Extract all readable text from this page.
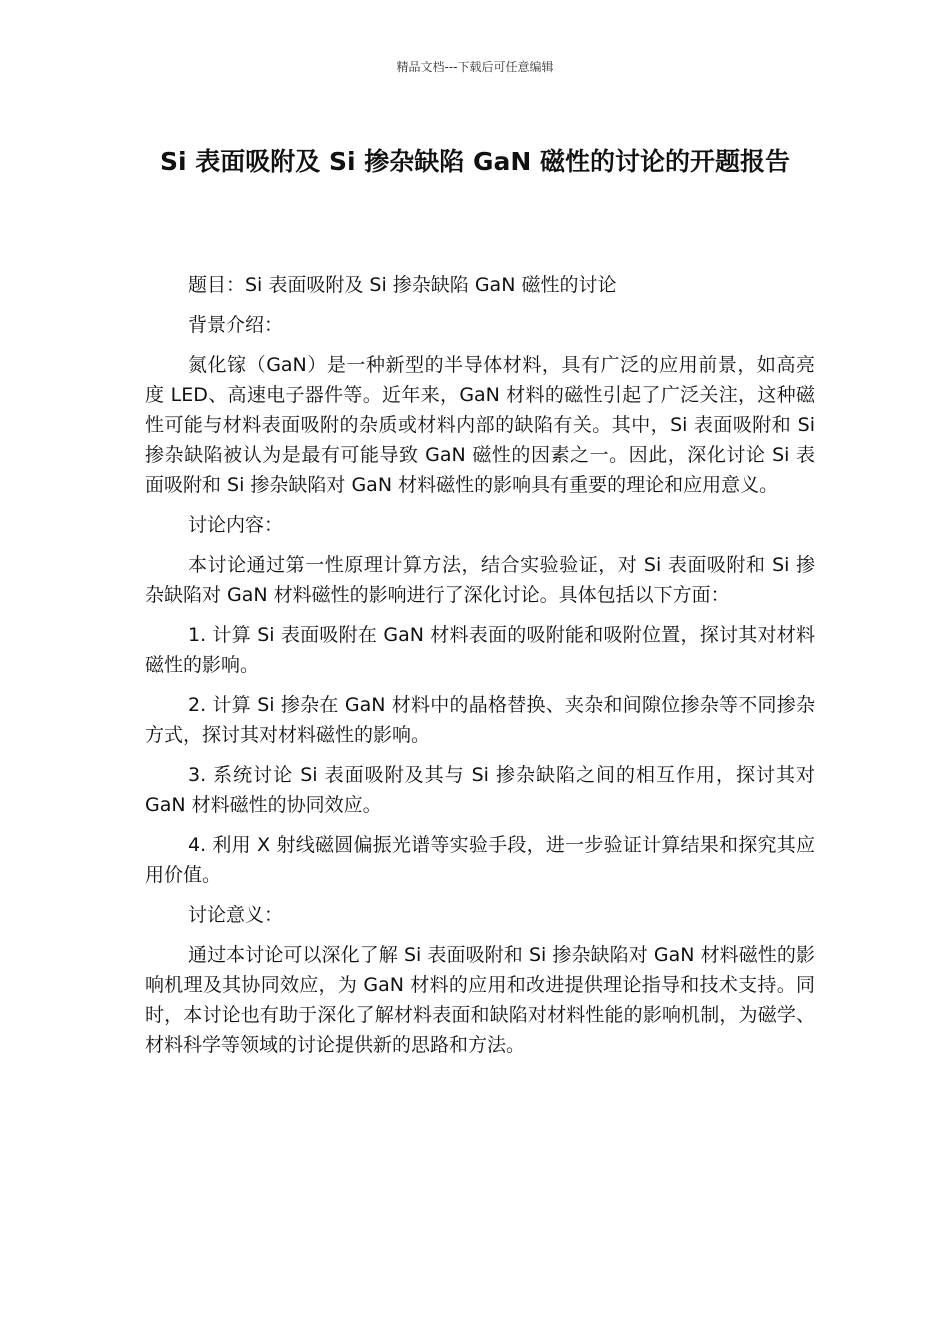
精品文档---下载后可任意编辑
Si 表面吸附及 Si 掺杂缺陷 GaN 磁性的讨论的开题报告

题目：Si 表面吸附及 Si 掺杂缺陷 GaN 磁性的讨论

背景介绍：

氮化镓（GaN）是一种新型的半导体材料，具有广泛的应用前景，如高亮度 LED、高速电子器件等。近年来，GaN 材料的磁性引起了广泛关注，这种磁性可能与材料表面吸附的杂质或材料内部的缺陷有关。其中，Si 表面吸附和 Si 掺杂缺陷被认为是最有可能导致 GaN 磁性的因素之一。因此，深化讨论 Si 表面吸附和 Si 掺杂缺陷对 GaN 材料磁性的影响具有重要的理论和应用意义。

讨论内容：

本讨论通过第一性原理计算方法，结合实验验证，对 Si 表面吸附和 Si 掺杂缺陷对 GaN 材料磁性的影响进行了深化讨论。具体包括以下方面：

1. 计算 Si 表面吸附在 GaN 材料表面的吸附能和吸附位置，探讨其对材料磁性的影响。

2. 计算 Si 掺杂在 GaN 材料中的晶格替换、夹杂和间隙位掺杂等不同掺杂方式，探讨其对材料磁性的影响。

3. 系统讨论 Si 表面吸附及其与 Si 掺杂缺陷之间的相互作用，探讨其对 GaN 材料磁性的协同效应。

4. 利用 X 射线磁圆偏振光谱等实验手段，进一步验证计算结果和探究其应用价值。

讨论意义：

通过本讨论可以深化了解 Si 表面吸附和 Si 掺杂缺陷对 GaN 材料磁性的影响机理及其协同效应，为 GaN 材料的应用和改进提供理论指导和技术支持。同时，本讨论也有助于深化了解材料表面和缺陷对材料性能的影响机制，为磁学、材料科学等领域的讨论提供新的思路和方法。
